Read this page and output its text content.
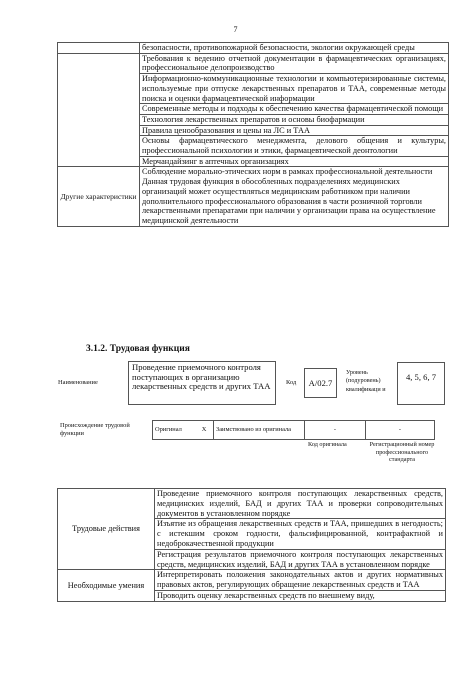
7
	безопасности, противопожарной безопасности, экологии окружающей среды
	Требования к ведению отчетной документации в фармацевтических организациях, профессиональное делопроизводство
	Информационно-коммуникационные технологии и компьютеризированные системы, используемые при отпуске лекарственных препаратов и ТАА, современные методы поиска и оценки фармацевтической информации
	Современные методы и подходы к обеспечению качества фармацевтической помощи
	Технология лекарственных препаратов и основы биофармации
	Правила ценообразования и цены на ЛС и ТАА
	Основы фармацевтического менеджмента, делового общения и культуры, профессиональной психологии и этики, фармацевтической деонтологии
	Мерчандайзинг в аптечных организациях
Другие характеристики	Соблюдение морально-этических норм в рамках профессиональной деятельности Данная трудовая функция в обособленных подразделениях медицинских организаций может осуществляться медицинским работником при наличии дополнительного профессионального образования в части розничной торговли лекарственными препаратами при наличии у организации права на осуществление медицинской деятельности
3.1.2. Трудовая функция
Наименование
Проведение приемочного контроля поступающих в организацию лекарственных средств и других ТАА	Код	А/02.7
Уровень (подуровень) квалификаци и
4, 5, 6, 7
Происхождение трудовой функции	Оригинал	X	Заимствовано из оригинала	-	-
Код оригинала	Регистрационный номер профессионального стандарта
Трудовые действия	Проведение приемочного контроля поступающих лекарственных средств, медицинских изделий, БАД и других ТАА и проверки сопроводительных документов в установленном порядке
	Изъятие из обращения лекарственных средств и ТАА, пришедших в негодность; с истекшим сроком годности, фальсифицированной, контрафактной и недоброкачественной продукции
	Регистрация результатов приемочного контроля поступающих лекарственных средств, медицинских изделий, БАД и других ТАА в установленном порядке
Необходимые умения	Интерпретировать положения законодательных актов и других нормативных правовых актов, регулирующих обращение лекарственных средств и ТАА
	Проводить оценку лекарственных средств по внешнему виду,
